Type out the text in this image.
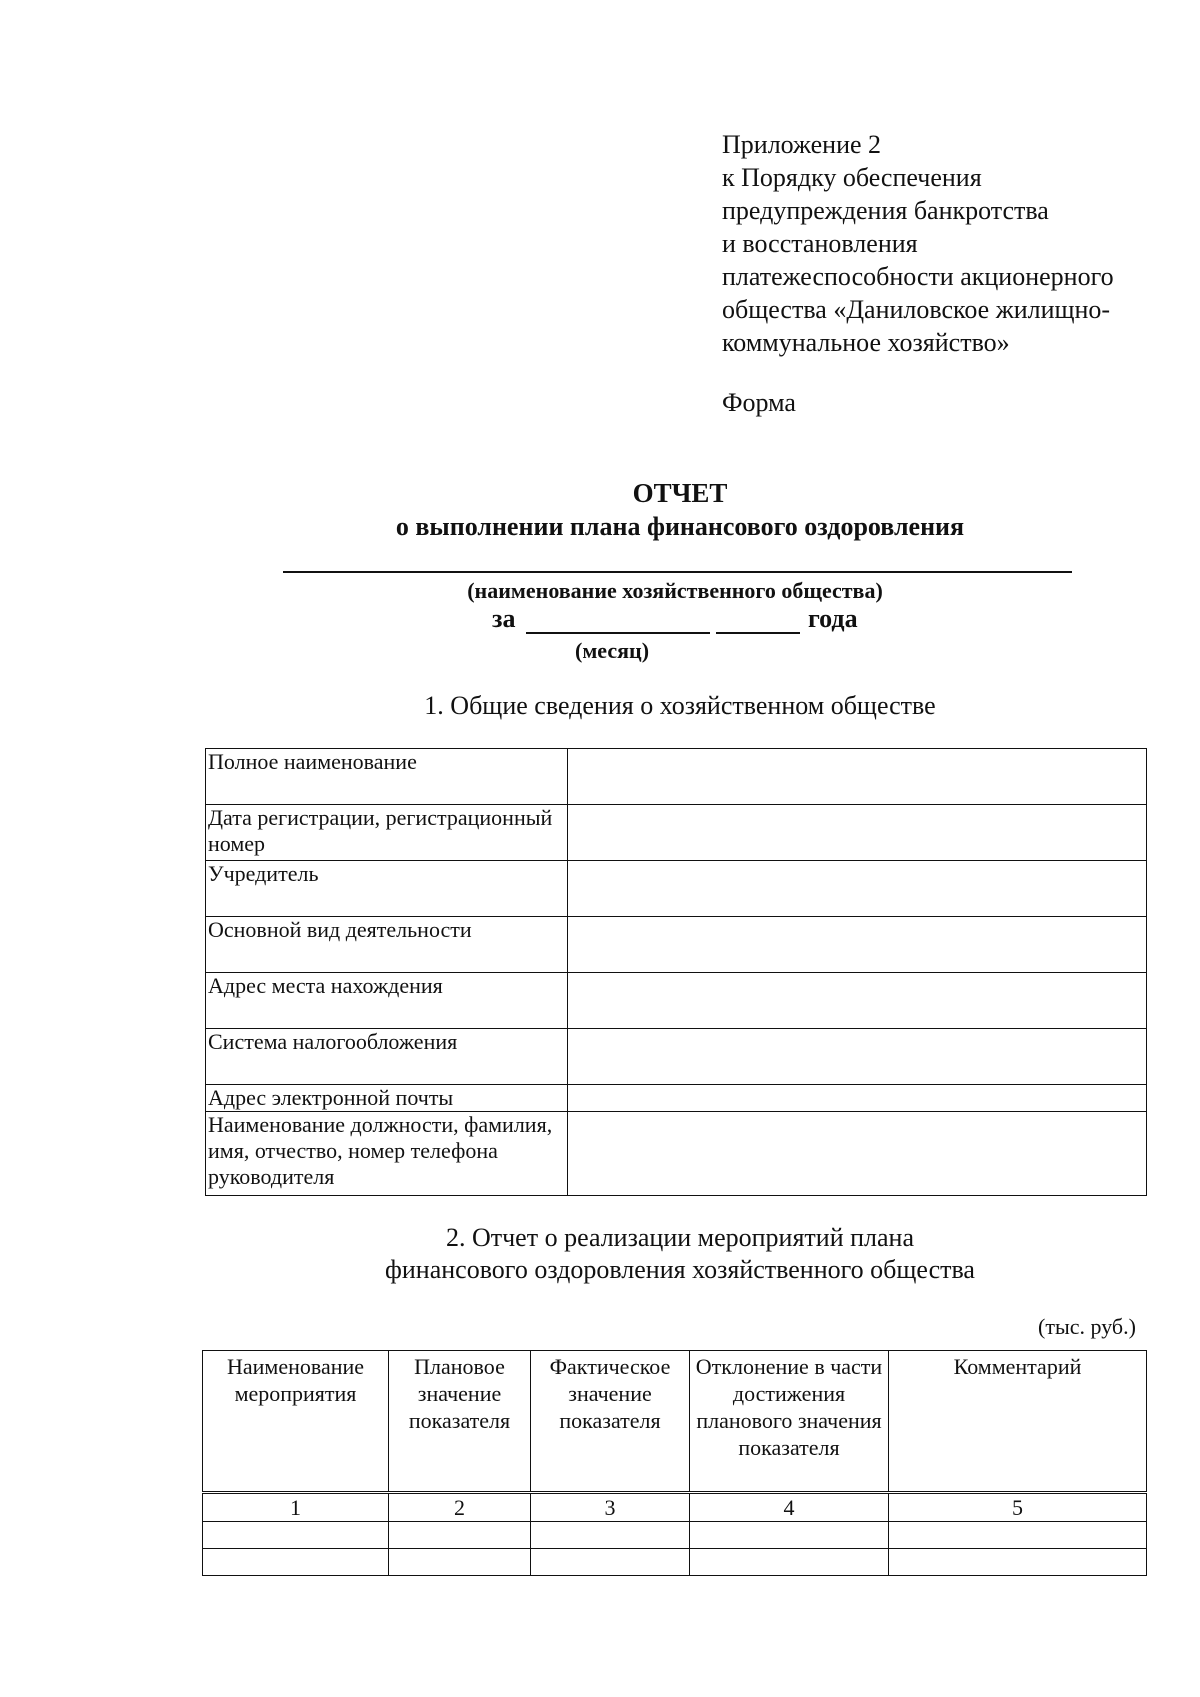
Приложение 2
к Порядку обеспечения
предупреждения банкротства
и восстановления
платежеспособности акционерного
общества «Даниловское жилищно-
коммунальное хозяйство»
Форма
ОТЧЕТ
о выполнении плана финансового оздоровления
(наименование хозяйственного общества)
за	года
(месяц)
1. Общие сведения о хозяйственном обществе
Полное наименование	
Дата регистрации, регистрационный номер	
Учредитель	
Основной вид деятельности	
Адрес места нахождения	
Система налогообложения	
Адрес электронной почты	
Наименование должности, фамилия, имя, отчество, номер телефона руководителя	
2. Отчет о реализации мероприятий плана
финансового оздоровления хозяйственного общества
(тыс. руб.)
Наименование мероприятия	Плановое значение показателя	Фактическое значение показателя	Отклонение в части достижения планового значения показателя	Комментарий
1	2	3	4	5
